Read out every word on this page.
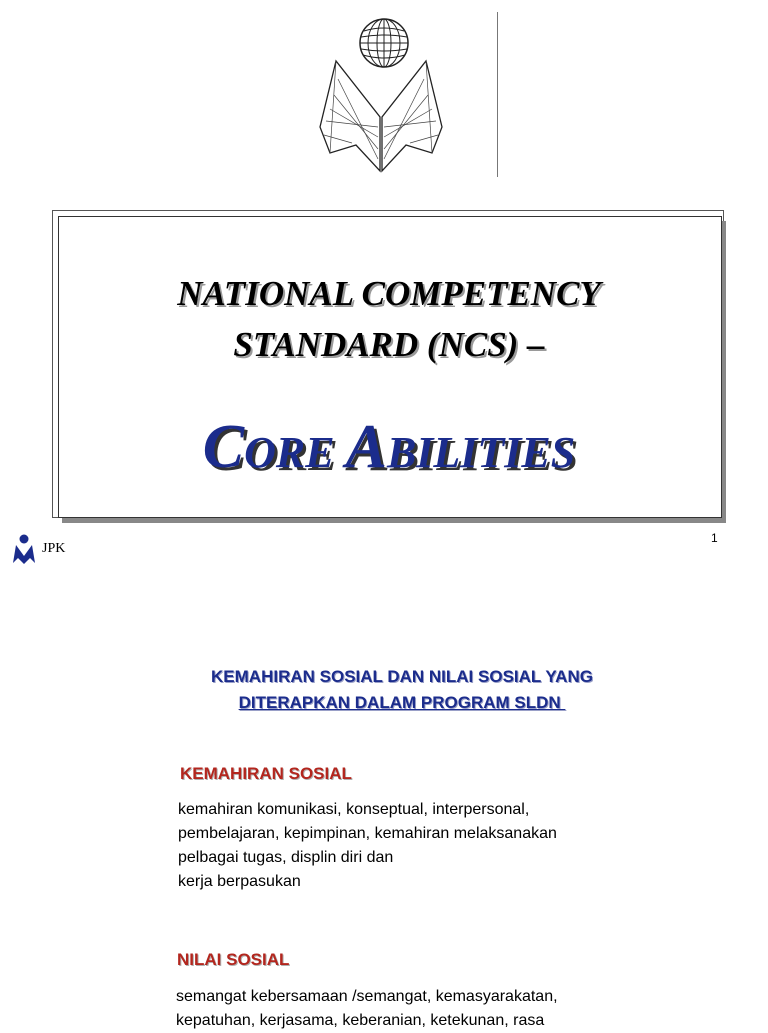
NATIONAL COMPETENCY
STANDARD (NCS) –
CORE ABILITIES
JPK
1
KEMAHIRAN SOSIAL DAN NILAI SOSIAL YANG
DITERAPKAN DALAM PROGRAM SLDN
KEMAHIRAN SOSIAL
kemahiran komunikasi, konseptual, interpersonal,
pembelajaran, kepimpinan, kemahiran melaksanakan
pelbagai tugas, displin diri dan
kerja berpasukan
NILAI SOSIAL
semangat kebersamaan /semangat, kemasyarakatan,
kepatuhan, kerjasama, keberanian, ketekunan, rasa
